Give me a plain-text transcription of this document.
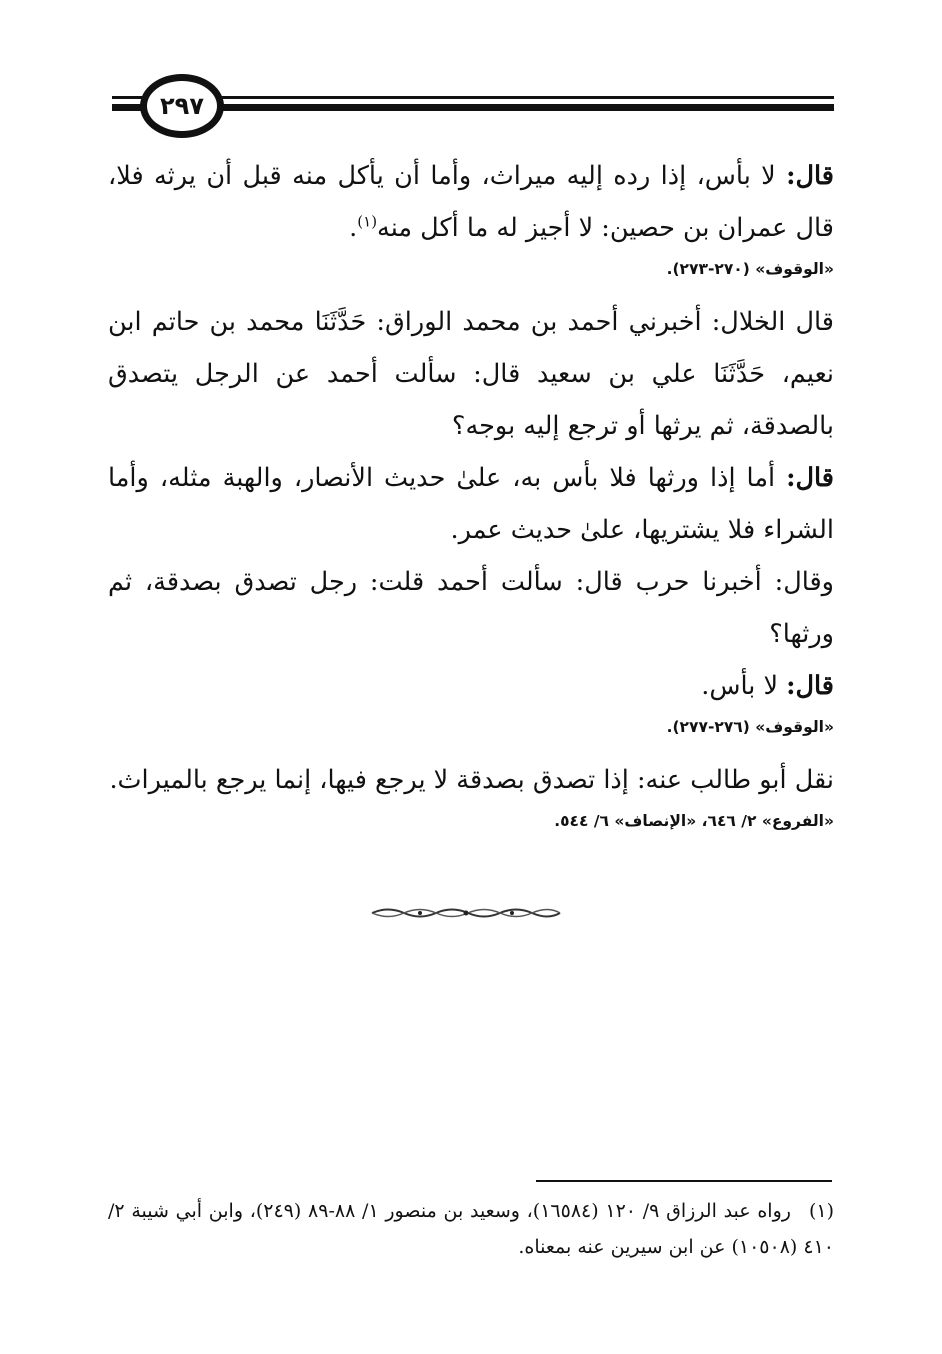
٢٩٧

قال: لا بأس، إذا رده إليه ميراث، وأما أن يأكل منه قبل أن يرثه فلا، قال عمران بن حصين: لا أجيز له ما أكل منه$^{(١)}$.

«الوقوف» (٢٧٠-٢٧٣).

قال الخلال: أخبرني أحمد بن محمد الوراق: حَدَّثَنَا محمد بن حاتم ابن نعيم، حَدَّثَنَا علي بن سعيد قال: سألت أحمد عن الرجل يتصدق بالصدقة، ثم يرثها أو ترجع إليه بوجه؟

قال: أما إذا ورثها فلا بأس به، علىٰ حديث الأنصار، والهبة مثله، وأما الشراء فلا يشتريها، علىٰ حديث عمر.

وقال: أخبرنا حرب قال: سألت أحمد قلت: رجل تصدق بصدقة، ثم ورثها؟

قال: لا بأس.

«الوقوف» (٢٧٦-٢٧٧).

نقل أبو طالب عنه: إذا تصدق بصدقة لا يرجع فيها، إنما يرجع بالميراث.

«الفروع» ٢/ ٦٤٦، «الإنصاف» ٦/ ٥٤٤.

(١)رواه عبد الرزاق ٩/ ١٢٠ (١٦٥٨٤)، وسعيد بن منصور ١/ ٨٨-٨٩ (٢٤٩)، وابن أبي شيبة ٢/ ٤١٠ (١٠٥٠٨) عن ابن سيرين عنه بمعناه.
